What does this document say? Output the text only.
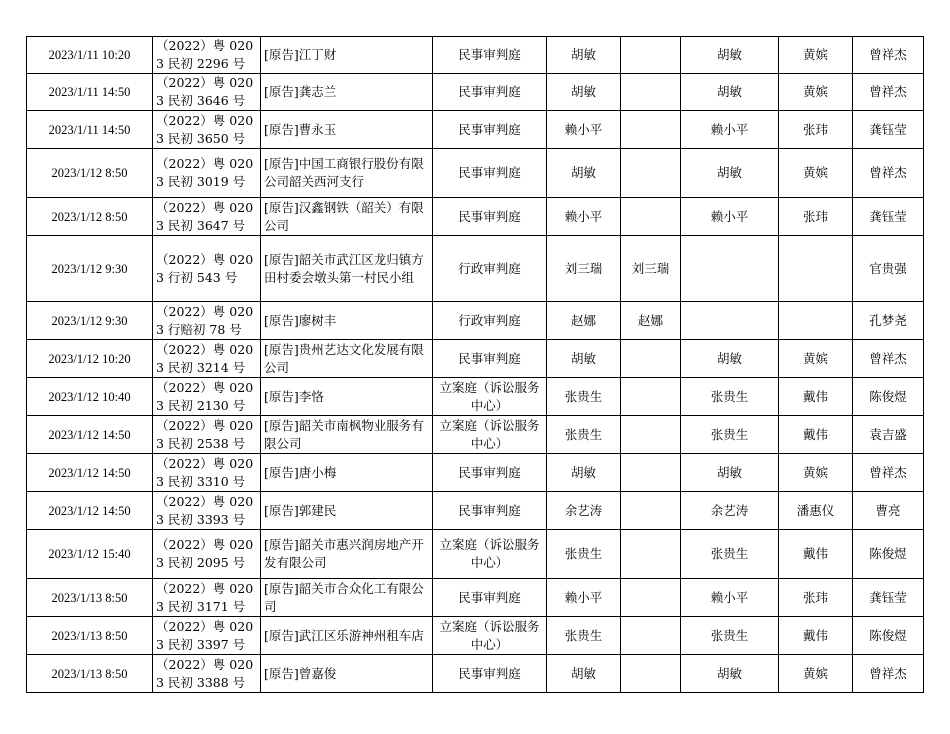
2023/1/11 10:20	（2022）粤 0203 民初 2296 号	[原告]江丁财	民事审判庭	胡敏		胡敏	黄嫔	曾祥杰
2023/1/11 14:50	（2022）粤 0203 民初 3646 号	[原告]龚志兰	民事审判庭	胡敏		胡敏	黄嫔	曾祥杰
2023/1/11 14:50	（2022）粤 0203 民初 3650 号	[原告]曹永玉	民事审判庭	赖小平		赖小平	张玮	龚钰莹
2023/1/12 8:50	（2022）粤 0203 民初 3019 号	[原告]中国工商银行股份有限公司韶关西河支行	民事审判庭	胡敏		胡敏	黄嫔	曾祥杰
2023/1/12 8:50	（2022）粤 0203 民初 3647 号	[原告]汉鑫钢铁（韶关）有限公司	民事审判庭	赖小平		赖小平	张玮	龚钰莹
2023/1/12 9:30	（2022）粤 0203 行初 543 号	[原告]韶关市武江区龙归镇方田村委会墩头第一村民小组	行政审判庭	刘三瑞	刘三瑞			官贵强
2023/1/12 9:30	（2022）粤 0203 行赔初 78 号	[原告]廖树丰	行政审判庭	赵娜	赵娜			孔梦尧
2023/1/12 10:20	（2022）粤 0203 民初 3214 号	[原告]贵州艺达文化发展有限公司	民事审判庭	胡敏		胡敏	黄嫔	曾祥杰
2023/1/12 10:40	（2022）粤 0203 民初 2130 号	[原告]李恪	立案庭（诉讼服务中心）	张贵生		张贵生	戴伟	陈俊煜
2023/1/12 14:50	（2022）粤 0203 民初 2538 号	[原告]韶关市南枫物业服务有限公司	立案庭（诉讼服务中心）	张贵生		张贵生	戴伟	袁吉盛
2023/1/12 14:50	（2022）粤 0203 民初 3310 号	[原告]唐小梅	民事审判庭	胡敏		胡敏	黄嫔	曾祥杰
2023/1/12 14:50	（2022）粤 0203 民初 3393 号	[原告]郭建民	民事审判庭	余艺涛		余艺涛	潘惠仪	曹亮
2023/1/12 15:40	（2022）粤 0203 民初 2095 号	[原告]韶关市惠兴润房地产开发有限公司	立案庭（诉讼服务中心）	张贵生		张贵生	戴伟	陈俊煜
2023/1/13 8:50	（2022）粤 0203 民初 3171 号	[原告]韶关市合众化工有限公司	民事审判庭	赖小平		赖小平	张玮	龚钰莹
2023/1/13 8:50	（2022）粤 0203 民初 3397 号	[原告]武江区乐游神州租车店	立案庭（诉讼服务中心）	张贵生		张贵生	戴伟	陈俊煜
2023/1/13 8:50	（2022）粤 0203 民初 3388 号	[原告]曾嘉俊	民事审判庭	胡敏		胡敏	黄嫔	曾祥杰
